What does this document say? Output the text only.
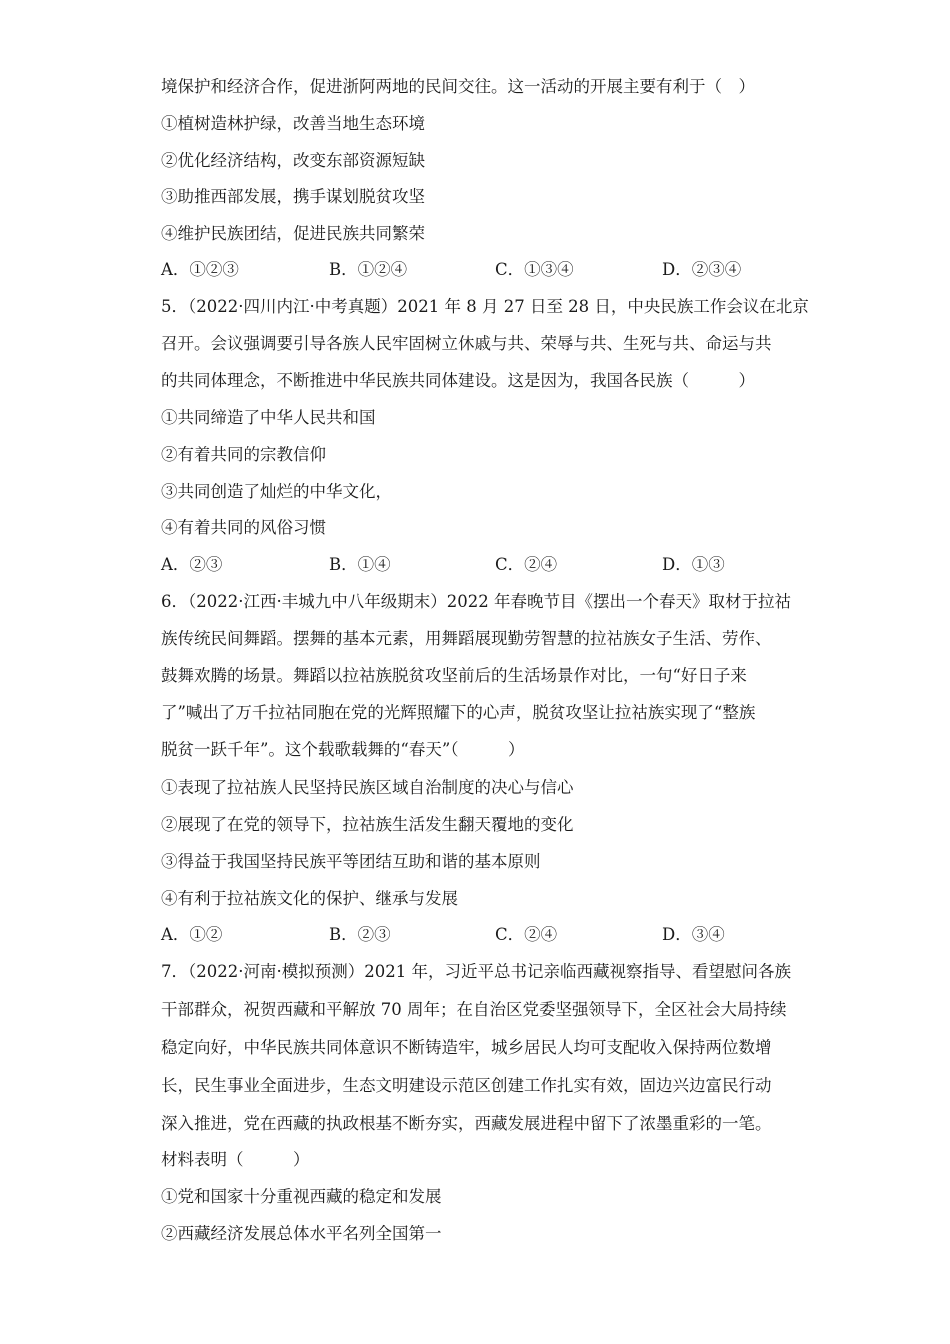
境保护和经济合作，促进浙阿两地的民间交往。这一活动的开展主要有利于（　）
①植树造林护绿，改善当地生态环境
②优化经济结构，改变东部资源短缺
③助推西部发展，携手谋划脱贫攻坚
④维护民族团结，促进民族共同繁荣
A．①②③	B．①②④	C．①③④	D．②③④
5．（2022·四川内江·中考真题）2021 年 8 月 27 日至 28 日，中央民族工作会议在北京
召开。会议强调要引导各族人民牢固树立休戚与共、荣辱与共、生死与共、命运与共
的共同体理念，不断推进中华民族共同体建设。这是因为，我国各民族（　　　）
①共同缔造了中华人民共和国
②有着共同的宗教信仰
③共同创造了灿烂的中华文化，
④有着共同的风俗习惯
A．②③	B．①④	C．②④	D．①③
6．（2022·江西·丰城九中八年级期末）2022 年春晚节目《摆出一个春天》取材于拉祜
族传统民间舞蹈。摆舞的基本元素，用舞蹈展现勤劳智慧的拉祜族女子生活、劳作、
鼓舞欢腾的场景。舞蹈以拉祜族脱贫攻坚前后的生活场景作对比，一句“好日子来
了”喊出了万千拉祜同胞在党的光辉照耀下的心声，脱贫攻坚让拉祜族实现了“整族
脱贫一跃千年”。这个载歌载舞的“春天”（　　　）
①表现了拉祜族人民坚持民族区域自治制度的决心与信心
②展现了在党的领导下，拉祜族生活发生翻天覆地的变化
③得益于我国坚持民族平等团结互助和谐的基本原则
④有利于拉祜族文化的保护、继承与发展
A．①②	B．②③	C．②④	D．③④
7．（2022·河南·模拟预测）2021 年，习近平总书记亲临西藏视察指导、看望慰问各族
干部群众，祝贺西藏和平解放 70 周年；在自治区党委坚强领导下，全区社会大局持续
稳定向好，中华民族共同体意识不断铸造牢，城乡居民人均可支配收入保持两位数增
长，民生事业全面进步，生态文明建设示范区创建工作扎实有效，固边兴边富民行动
深入推进，党在西藏的执政根基不断夯实，西藏发展进程中留下了浓墨重彩的一笔。
材料表明（　　　）
①党和国家十分重视西藏的稳定和发展
②西藏经济发展总体水平名列全国第一
